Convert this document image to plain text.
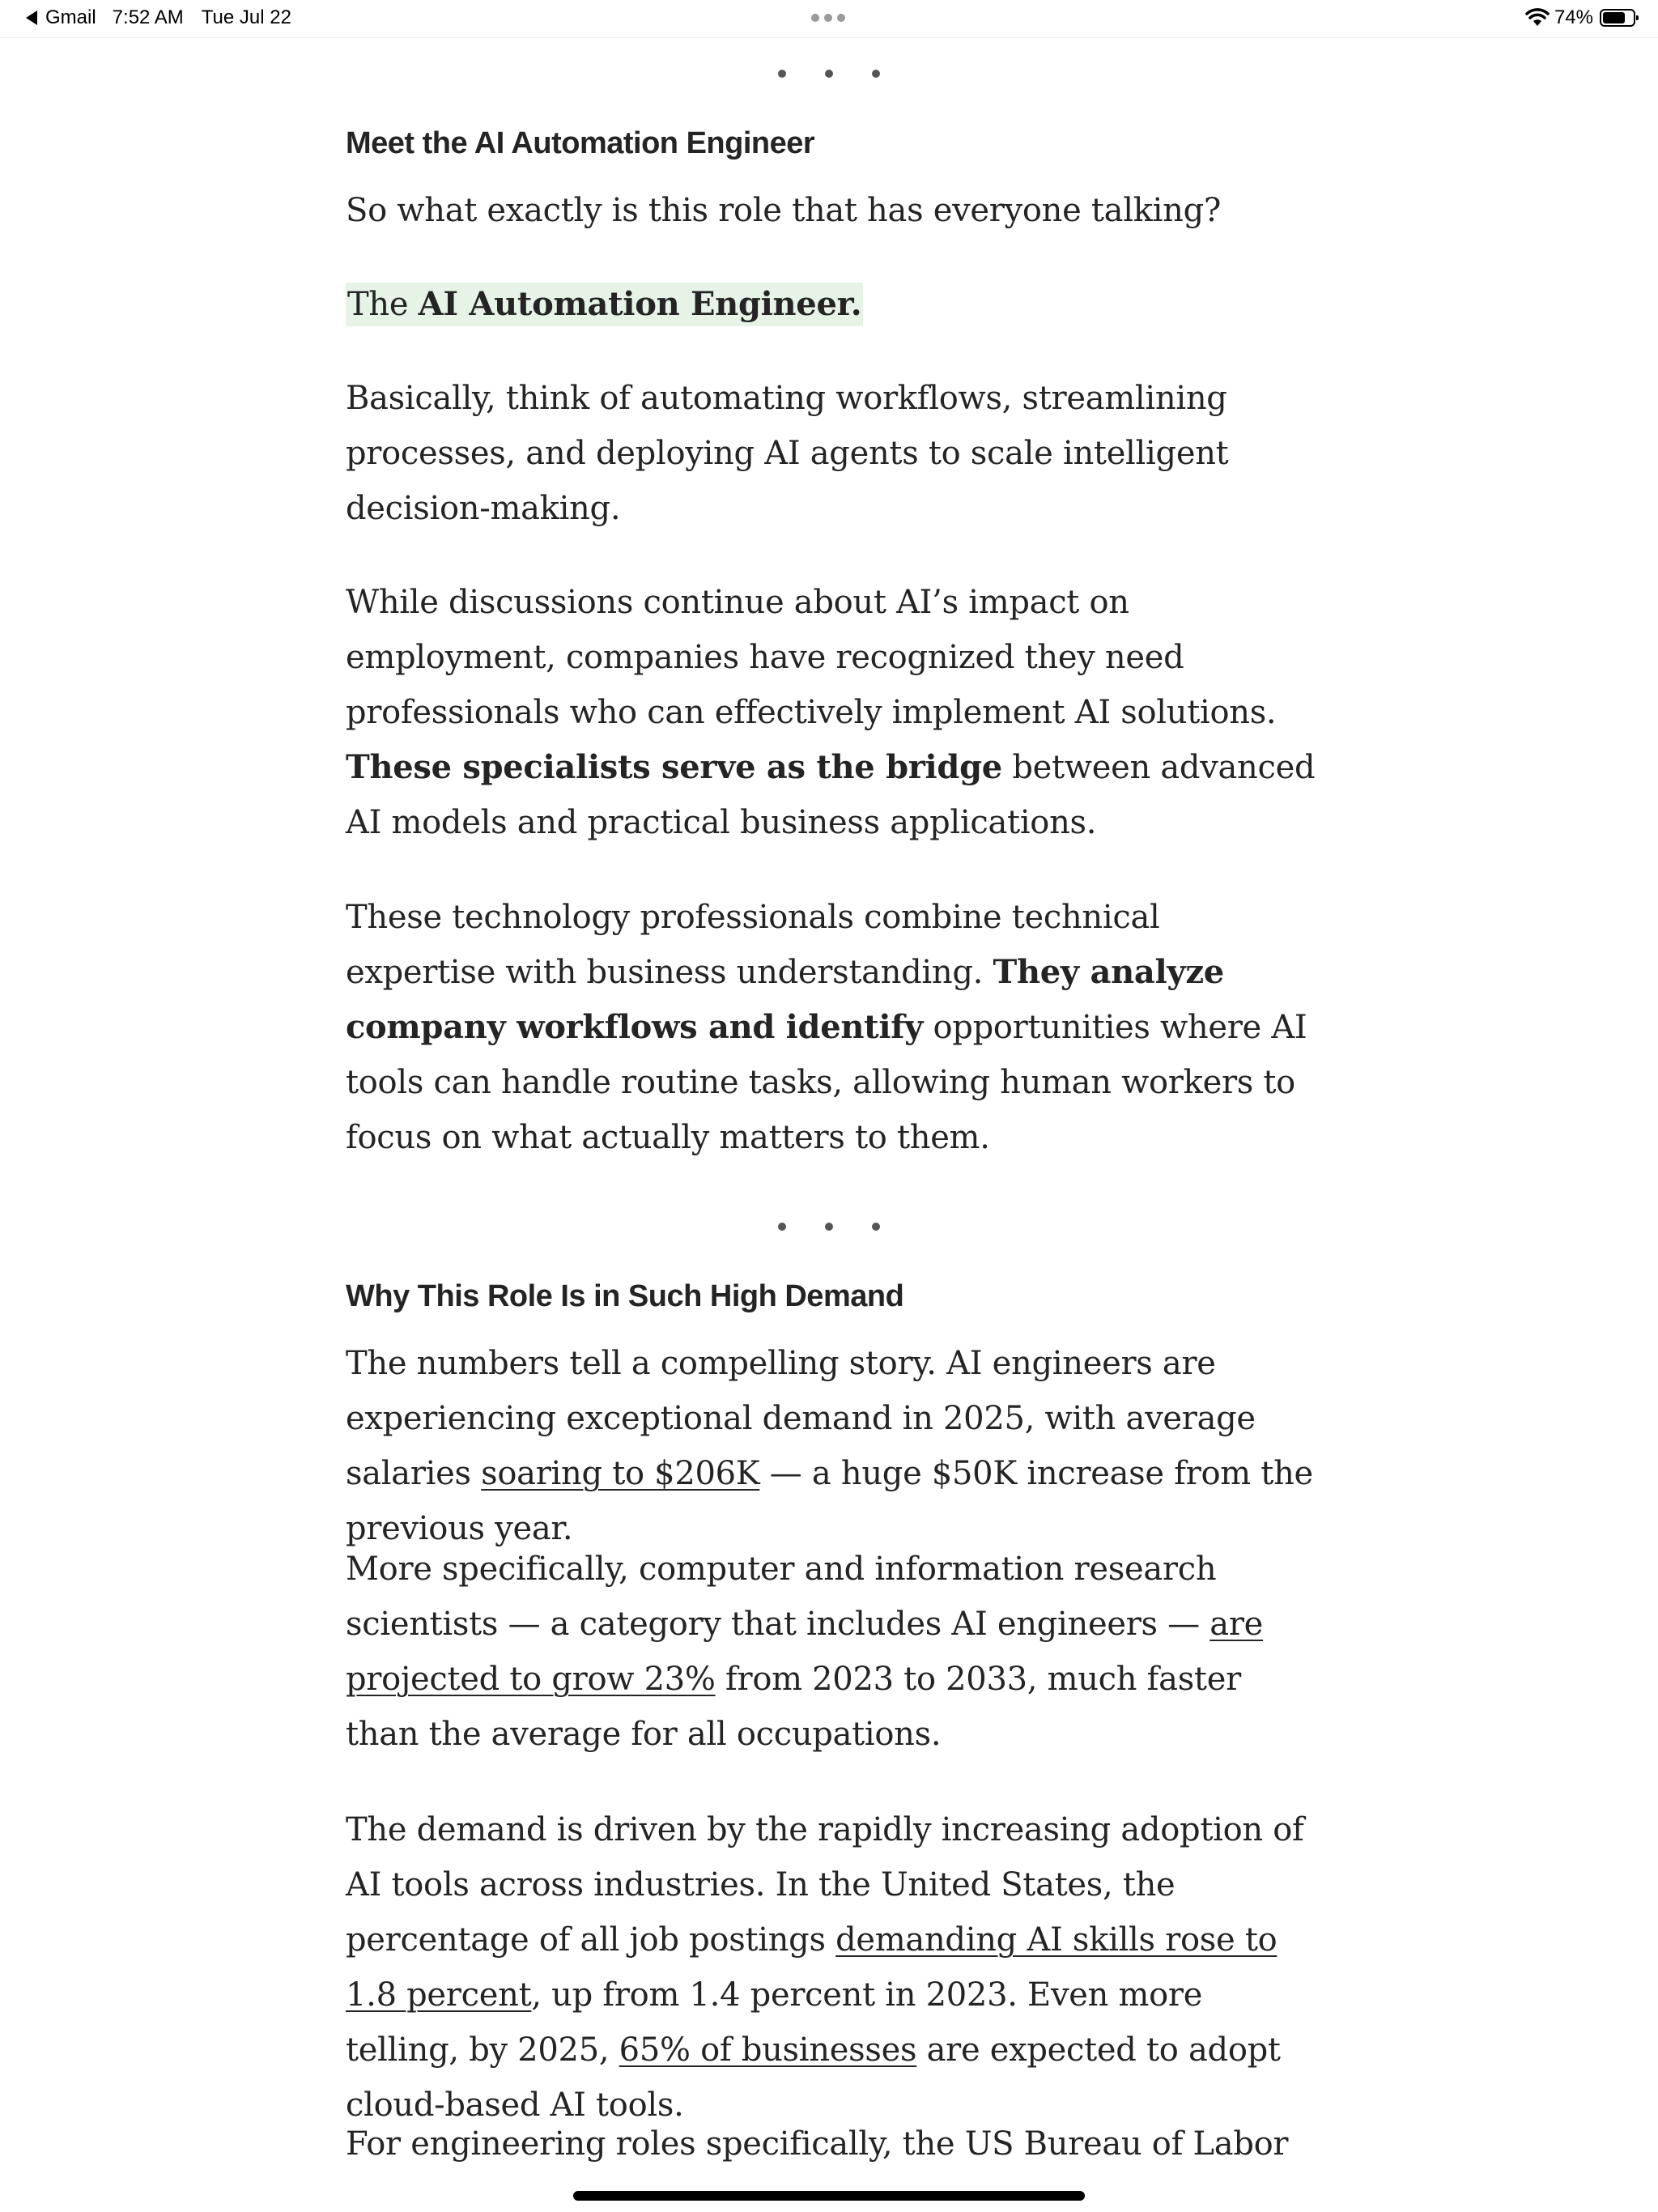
Gmail 7:52 AM Tue Jul 22	74%
Meet the AI Automation Engineer

So what exactly is this role that has everyone talking?

The AI Automation Engineer.

Basically, think of automating workflows, streamlining processes, and deploying AI agents to scale intelligent decision-making.

While discussions continue about AI’s impact on employment, companies have recognized they need professionals who can effectively implement AI solutions. These specialists serve as the bridge between advanced AI models and practical business applications.

These technology professionals combine technical expertise with business understanding. They analyze company workflows and identify opportunities where AI tools can handle routine tasks, allowing human workers to focus on what actually matters to them.

Why This Role Is in Such High Demand

The numbers tell a compelling story. AI engineers are experiencing exceptional demand in 2025, with average salaries soaring to $206K — a huge $50K increase from the previous year.

More specifically, computer and information research scientists — a category that includes AI engineers — are projected to grow 23% from 2023 to 2033, much faster than the average for all occupations.

The demand is driven by the rapidly increasing adoption of AI tools across industries. In the United States, the percentage of all job postings demanding AI skills rose to 1.8 percent, up from 1.4 percent in 2023. Even more telling, by 2025, 65% of businesses are expected to adopt cloud-based AI tools.

For engineering roles specifically, the US Bureau of Labor
